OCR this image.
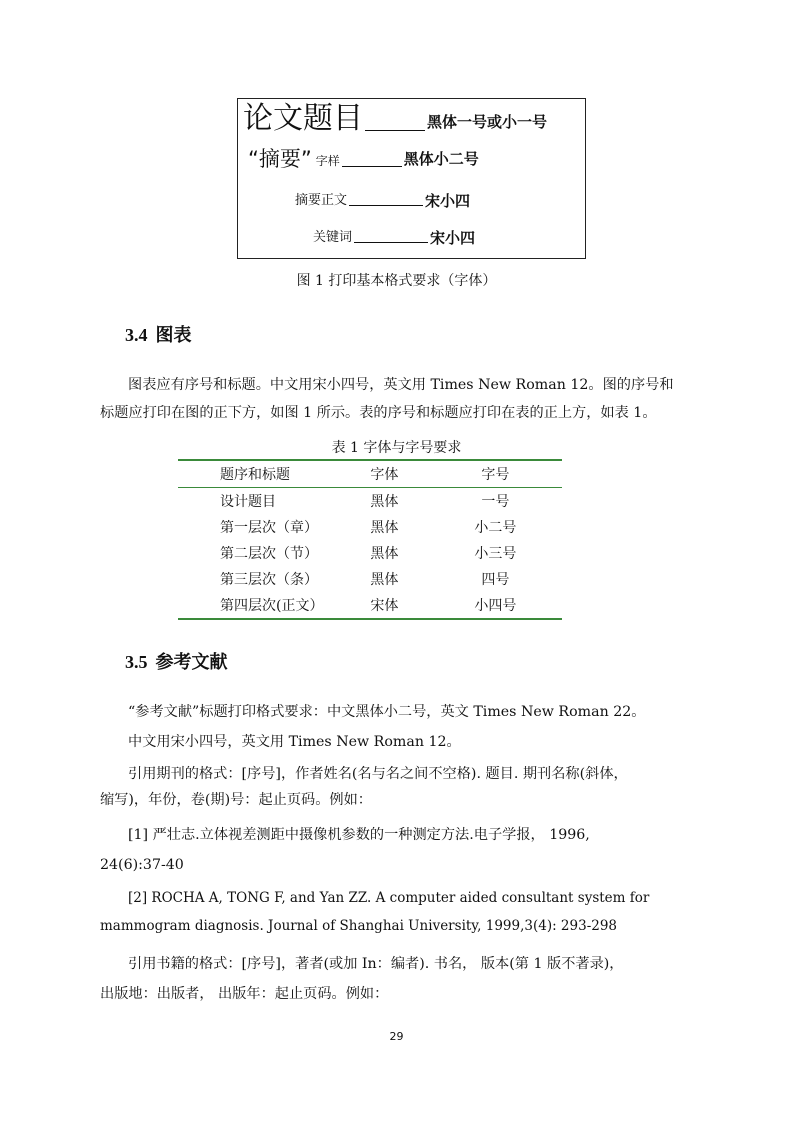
论文题目	黑体一号或小一号
“摘要” 字样	黑体小二号
摘要正文	宋小四
关键词	宋小四
图 1 打印基本格式要求（字体）
3.4 图表
图表应有序号和标题。中文用宋小四号，英文用 Times New Roman 12。图的序号和
标题应打印在图的正下方，如图 1 所示。表的序号和标题应打印在表的正上方，如表 1。
表 1 字体与字号要求
题序和标题	字体	字号
设计题目	黑体	一号
第一层次（章）	黑体	小二号
第二层次（节）	黑体	小三号
第三层次（条）	黑体	四号
第四层次(正文）	宋体	小四号
3.5 参考文献
“参考文献”标题打印格式要求：中文黑体小二号，英文 Times New Roman 22。
中文用宋小四号，英文用 Times New Roman 12。
引用期刊的格式：[序号]，作者姓名(名与名之间不空格). 题目. 期刊名称(斜体，
缩写)，年份，卷(期)号：起止页码。例如：
[1] 严壮志.立体视差测距中摄像机参数的一种测定方法.电子学报， 1996,
24(6):37-40
[2] ROCHA A, TONG F, and Yan ZZ. A computer aided consultant system for
mammogram diagnosis. Journal of Shanghai University, 1999,3(4): 293-298
引用书籍的格式：[序号]，著者(或加 In：编者). 书名， 版本(第 1 版不著录)，
出版地：出版者， 出版年：起止页码。例如：
29
